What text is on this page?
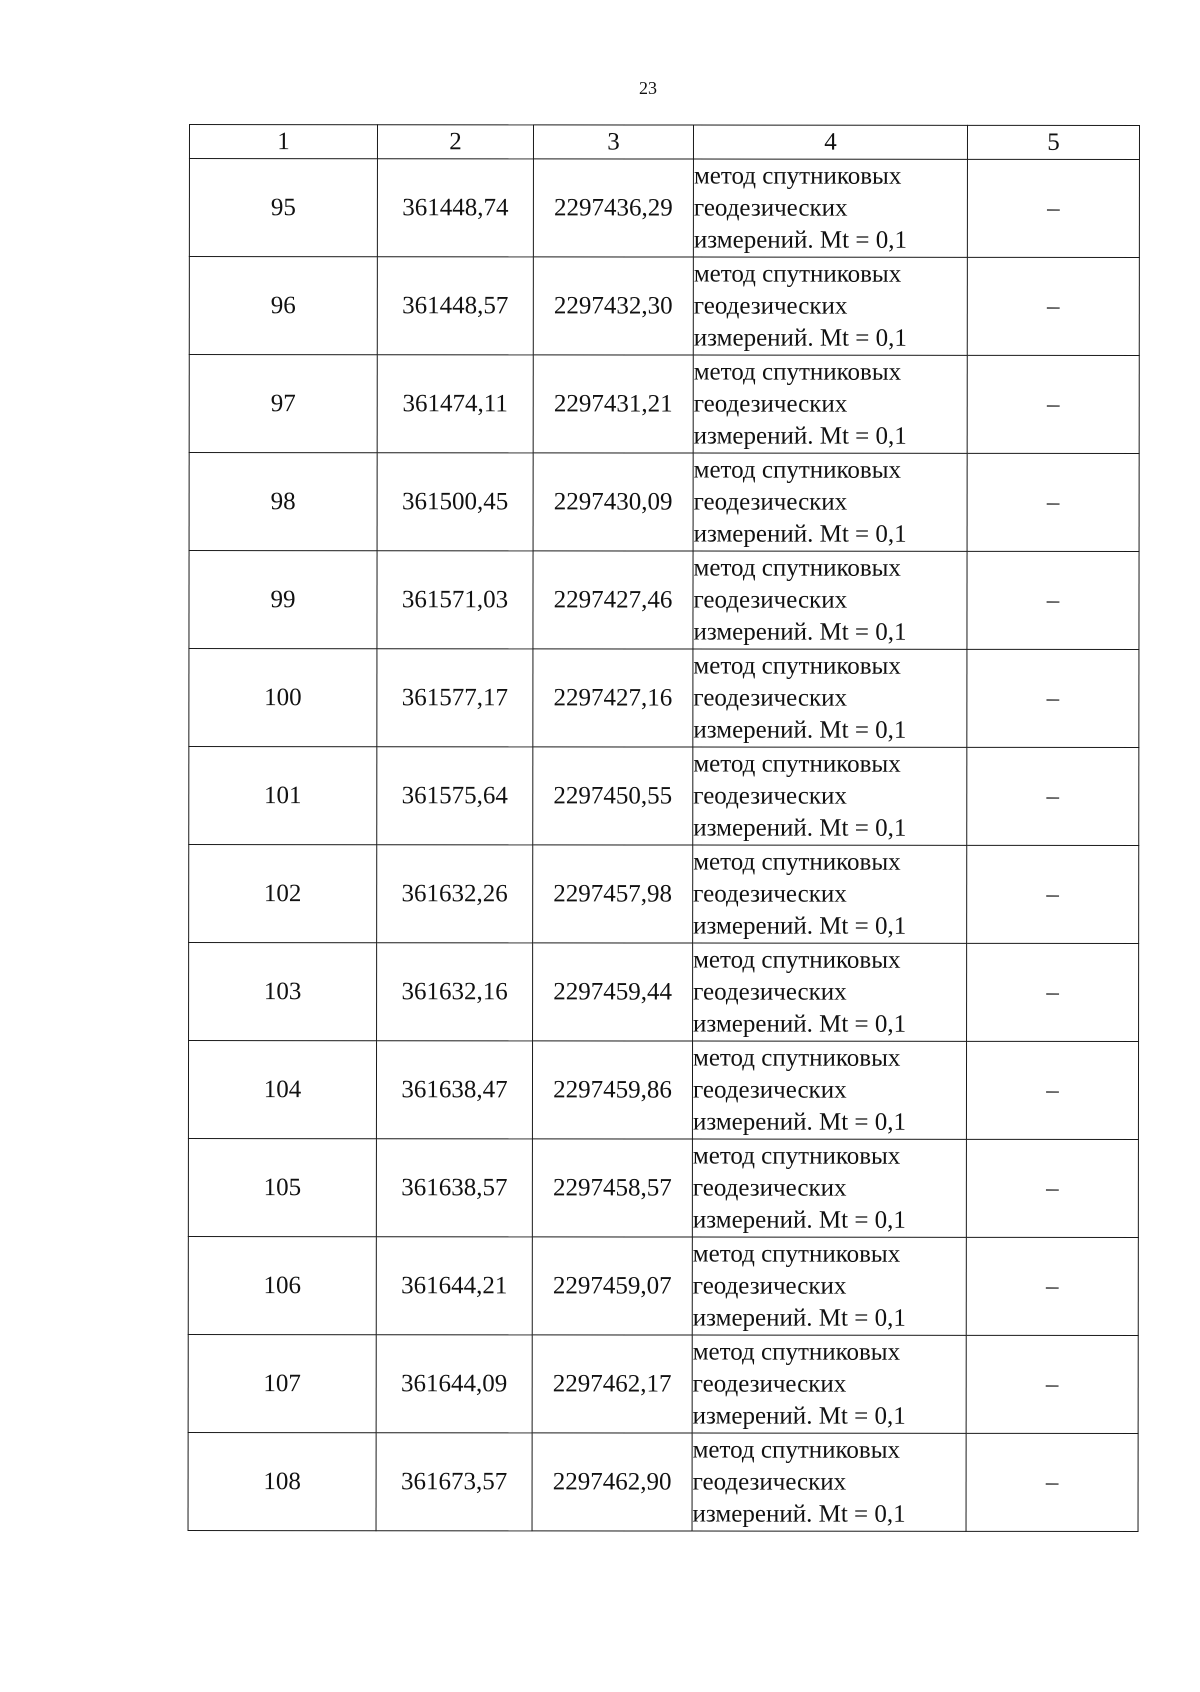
23
1	2	3	4	5
95	361448,74	2297436,29	метод спутниковых
геодезических
измерений. Mt = 0,1	–
96	361448,57	2297432,30	метод спутниковых
геодезических
измерений. Mt = 0,1	–
97	361474,11	2297431,21	метод спутниковых
геодезических
измерений. Mt = 0,1	–
98	361500,45	2297430,09	метод спутниковых
геодезических
измерений. Mt = 0,1	–
99	361571,03	2297427,46	метод спутниковых
геодезических
измерений. Mt = 0,1	–
100	361577,17	2297427,16	метод спутниковых
геодезических
измерений. Mt = 0,1	–
101	361575,64	2297450,55	метод спутниковых
геодезических
измерений. Mt = 0,1	–
102	361632,26	2297457,98	метод спутниковых
геодезических
измерений. Mt = 0,1	–
103	361632,16	2297459,44	метод спутниковых
геодезических
измерений. Mt = 0,1	–
104	361638,47	2297459,86	метод спутниковых
геодезических
измерений. Mt = 0,1	–
105	361638,57	2297458,57	метод спутниковых
геодезических
измерений. Mt = 0,1	–
106	361644,21	2297459,07	метод спутниковых
геодезических
измерений. Mt = 0,1	–
107	361644,09	2297462,17	метод спутниковых
геодезических
измерений. Mt = 0,1	–
108	361673,57	2297462,90	метод спутниковых
геодезических
измерений. Mt = 0,1	–
